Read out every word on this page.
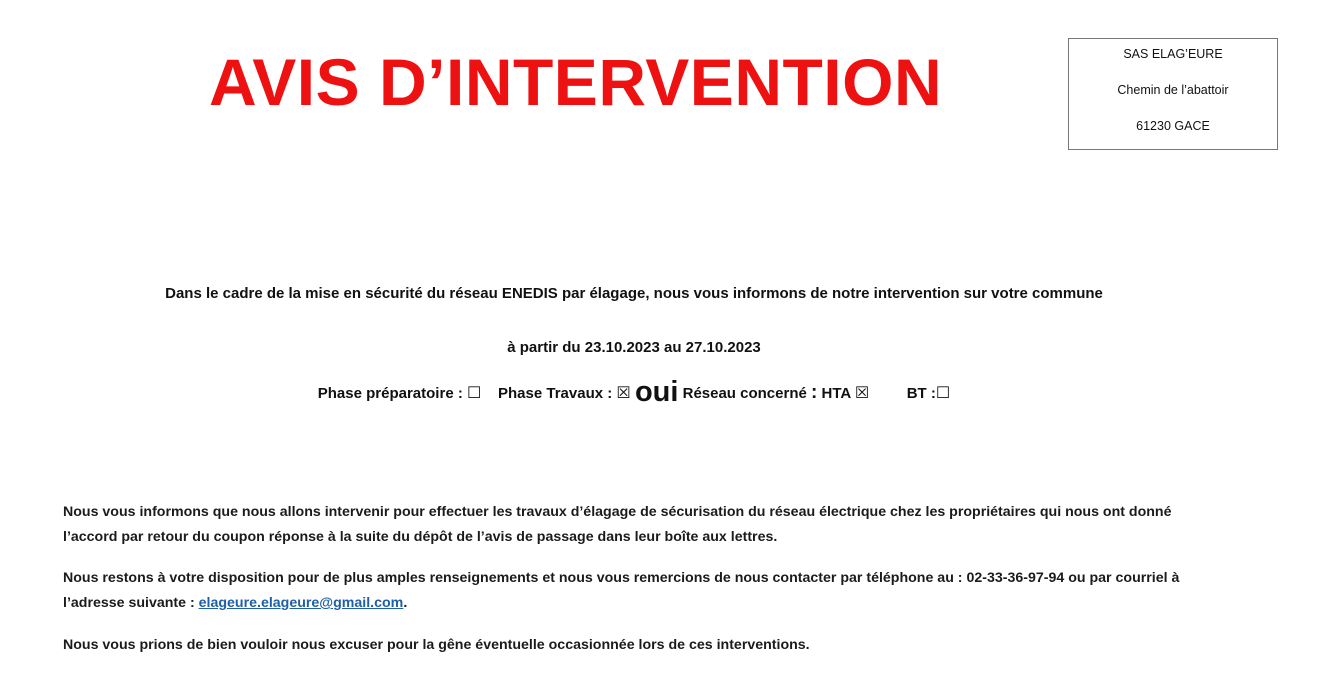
AVIS D’INTERVENTION	SAS ELAG’EURE
Chemin de l’abattoir
61230 GACE
Dans le cadre de la mise en sécurité du réseau ENEDIS par élagage, nous vous informons de notre intervention sur votre commune
à partir du 23.10.2023 au 27.10.2023
Phase préparatoire : ☐ Phase Travaux : ☒ oui Réseau concerné : HTA ☒	BT :☐

Nous vous informons que nous allons intervenir pour effectuer les travaux d’élagage de sécurisation du réseau électrique chez les propriétaires qui nous ont donné l’accord par retour du coupon réponse à la suite du dépôt de l’avis de passage dans leur boîte aux lettres.

Nous restons à votre disposition pour de plus amples renseignements et nous vous remercions de nous contacter par téléphone au : 02-33-36-97-94 ou par courriel à l’adresse suivante : elageure.elageure@gmail.com.

Nous vous prions de bien vouloir nous excuser pour la gêne éventuelle occasionnée lors de ces interventions.
